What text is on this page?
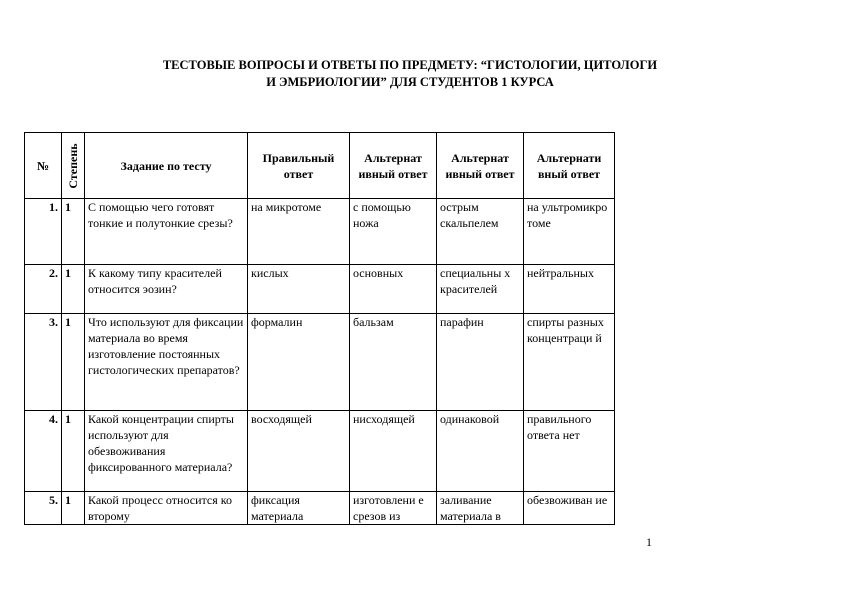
ТЕСТОВЫЕ ВОПРОСЫ И ОТВЕТЫ ПО ПРЕДМЕТУ: “ГИСТОЛОГИИ, ЦИТОЛОГИ
И ЭМБРИОЛОГИИ” ДЛЯ СТУДЕНТОВ 1 КУРСА
№	Степень	Задание по тесту	Правильный ответ	Альтернат ивный ответ	Альтернат ивный ответ	Альтернати вный ответ
1.	1	С помощью чего готовят тонкие и полутонкие срезы?	на микротоме	с помощью ножа	острым скальпелем	на ультромикро томе
2.	1	К какому типу красителей относится эозин?	кислых	основных	специальны х красителей	нейтральных
3.	1	Что используют для фиксации материала во время изготовление постоянных гистологических препаратов?	формалин	бальзам	парафин	спирты разных концентраци й
4.	1	Какой концентрации спирты используют для обезвоживания фиксированного материала?	восходящей	нисходящей	одинаковой	правильного ответа нет
5.	1	Какой процесс относится ко второму	фиксация материала	изготовлени е срезов из	заливание материала в	обезвоживан ие
1
